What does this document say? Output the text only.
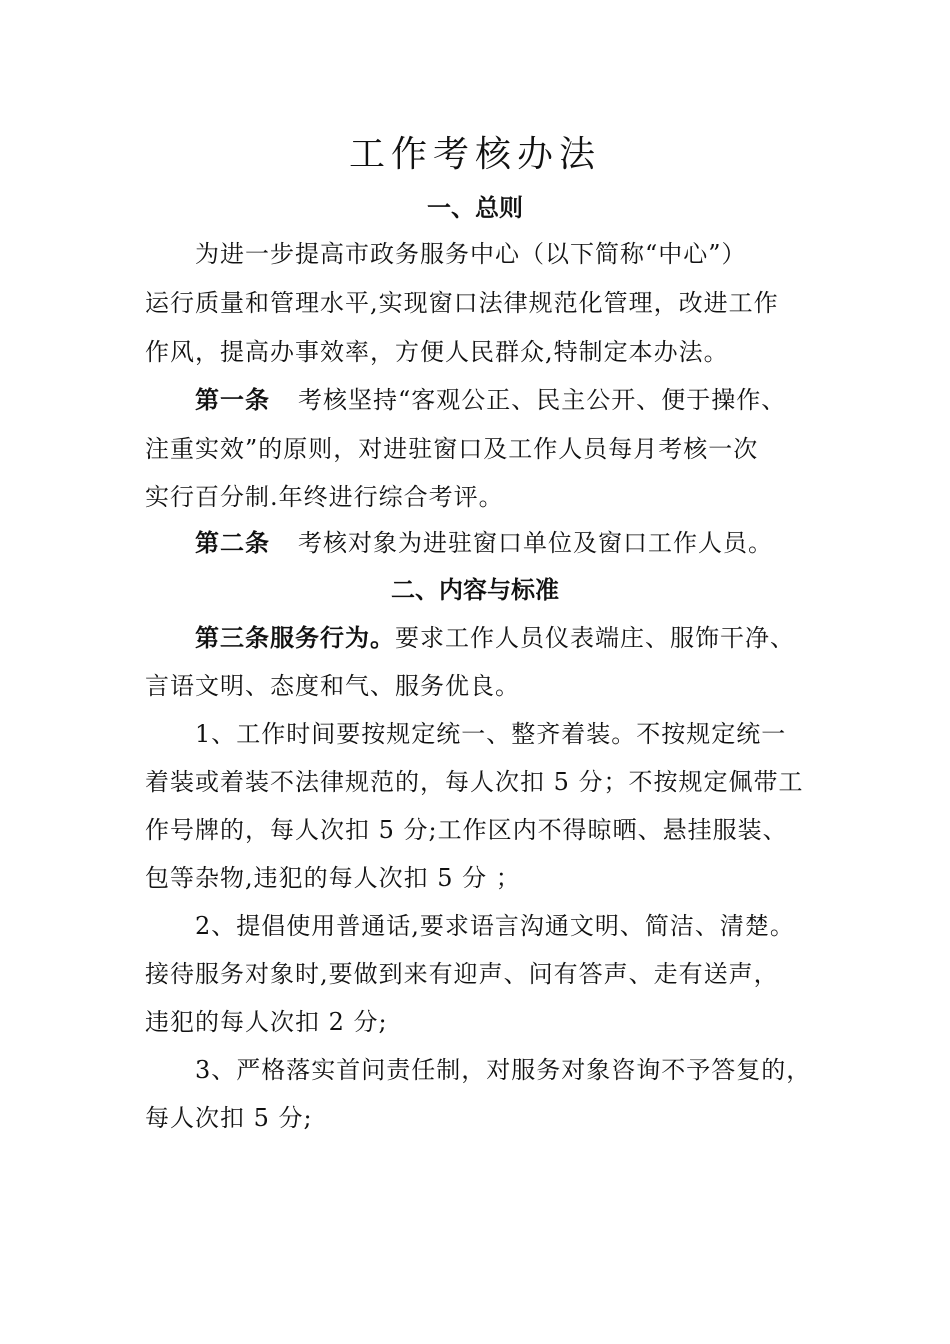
工作考核办法
一、总则
为进一步提高市政务服务中心（以下简称“中心”）
运行质量和管理水平,实现窗口法律规范化管理，改进工作
作风，提高办事效率，方便人民群众,特制定本办法。
第一条 考核坚持“客观公正、民主公开、便于操作、
注重实效”的原则，对进驻窗口及工作人员每月考核一次
实行百分制.年终进行综合考评。
第二条 考核对象为进驻窗口单位及窗口工作人员。
二、内容与标准
第三条服务行为。要求工作人员仪表端庄、服饰干净、
言语文明、态度和气、服务优良。
1、工作时间要按规定统一、整齐着装。不按规定统一
着装或着装不法律规范的，每人次扣 5 分；不按规定佩带工
作号牌的，每人次扣 5 分;工作区内不得晾晒、悬挂服装、
包等杂物,违犯的每人次扣 5 分 ；
2、提倡使用普通话,要求语言沟通文明、简洁、清楚。
接待服务对象时,要做到来有迎声、问有答声、走有送声，
违犯的每人次扣 2 分;
3、严格落实首问责任制，对服务对象咨询不予答复的，
每人次扣 5 分;
